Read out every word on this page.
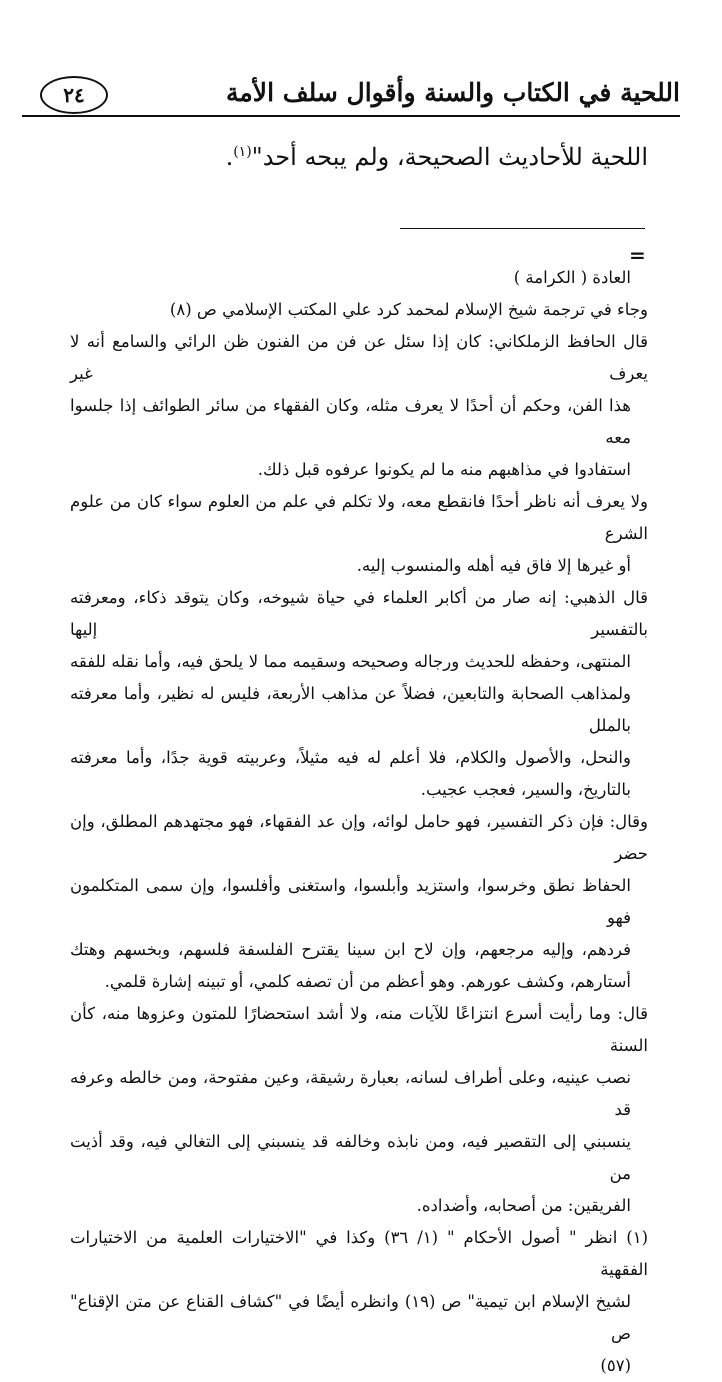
٢٤	اللحية في الكتاب والسنة وأقوال سلف الأمة
اللحية للأحاديث الصحيحة، ولم يبحه أحد"$^{(١)}$.
=

العادة ( الكرامة )

وجاء في ترجمة شيخ الإسلام لمحمد كرد علي المكتب الإسلامي ص (٨)

قال الحافظ الزملكاني: كان إذا سئل عن فن من الفنون ظن الرائي والسامع أنه لا يعرف غير

هذا الفن، وحكم أن أحدًا لا يعرف مثله، وكان الفقهاء من سائر الطوائف إذا جلسوا معه

استفادوا في مذاهبهم منه ما لم يكونوا عرفوه قبل ذلك.

ولا يعرف أنه ناظر أحدًا فانقطع معه، ولا تكلم في علم من العلوم سواء كان من علوم الشرع

أو غيرها إلا فاق فيه أهله والمنسوب إليه.

قال الذهبي: إنه صار من أكابر العلماء في حياة شيوخه، وكان يتوقد ذكاء، ومعرفته بالتفسير إليها

المنتهى، وحفظه للحديث ورجاله وصحيحه وسقيمه مما لا يلحق فيه، وأما نقله للفقه

ولمذاهب الصحابة والتابعين، فضلاً عن مذاهب الأربعة، فليس له نظير، وأما معرفته بالملل

والنحل، والأصول والكلام، فلا أعلم له فيه مثيلاً، وعربيته قوية جدًا، وأما معرفته

بالتاريخ، والسير، فعجب عجيب.

وقال: فإن ذكر التفسير، فهو حامل لوائه، وإن عد الفقهاء، فهو مجتهدهم المطلق، وإن حضر

الحفاظ نطق وخرسوا، واستزيد وأبلسوا، واستغنى وأفلسوا، وإن سمى المتكلمون فهو

فردهم، وإليه مرجعهم، وإن لاح ابن سينا يقترح الفلسفة فلسهم، وبخسهم وهتك

أستارهم، وكشف عورهم. وهو أعظم من أن تصفه كلمي، أو تبينه إشارة قلمي.

قال: وما رأيت أسرع انتزاعًا للآيات منه، ولا أشد استحضارًا للمتون وعزوها منه، كأن السنة

نصب عينيه، وعلى أطراف لسانه، بعبارة رشيقة، وعين مفتوحة، ومن خالطه وعرفه قد

ينسبني إلى التقصير فيه، ومن نابذه وخالفه قد ينسبني إلى التغالي فيه، وقد أذيت من

الفريقين: من أصحابه، وأضداده.

(١) انظر " أصول الأحكام " (١/ ٣٦) وكذا في "الاختيارات العلمية من الاختيارات الفقهية

لشيخ الإسلام ابن تيمية" ص (١٩) وانظره أيضًا في "كشاف القناع عن متن الإقناع" ص

(٥٧)
